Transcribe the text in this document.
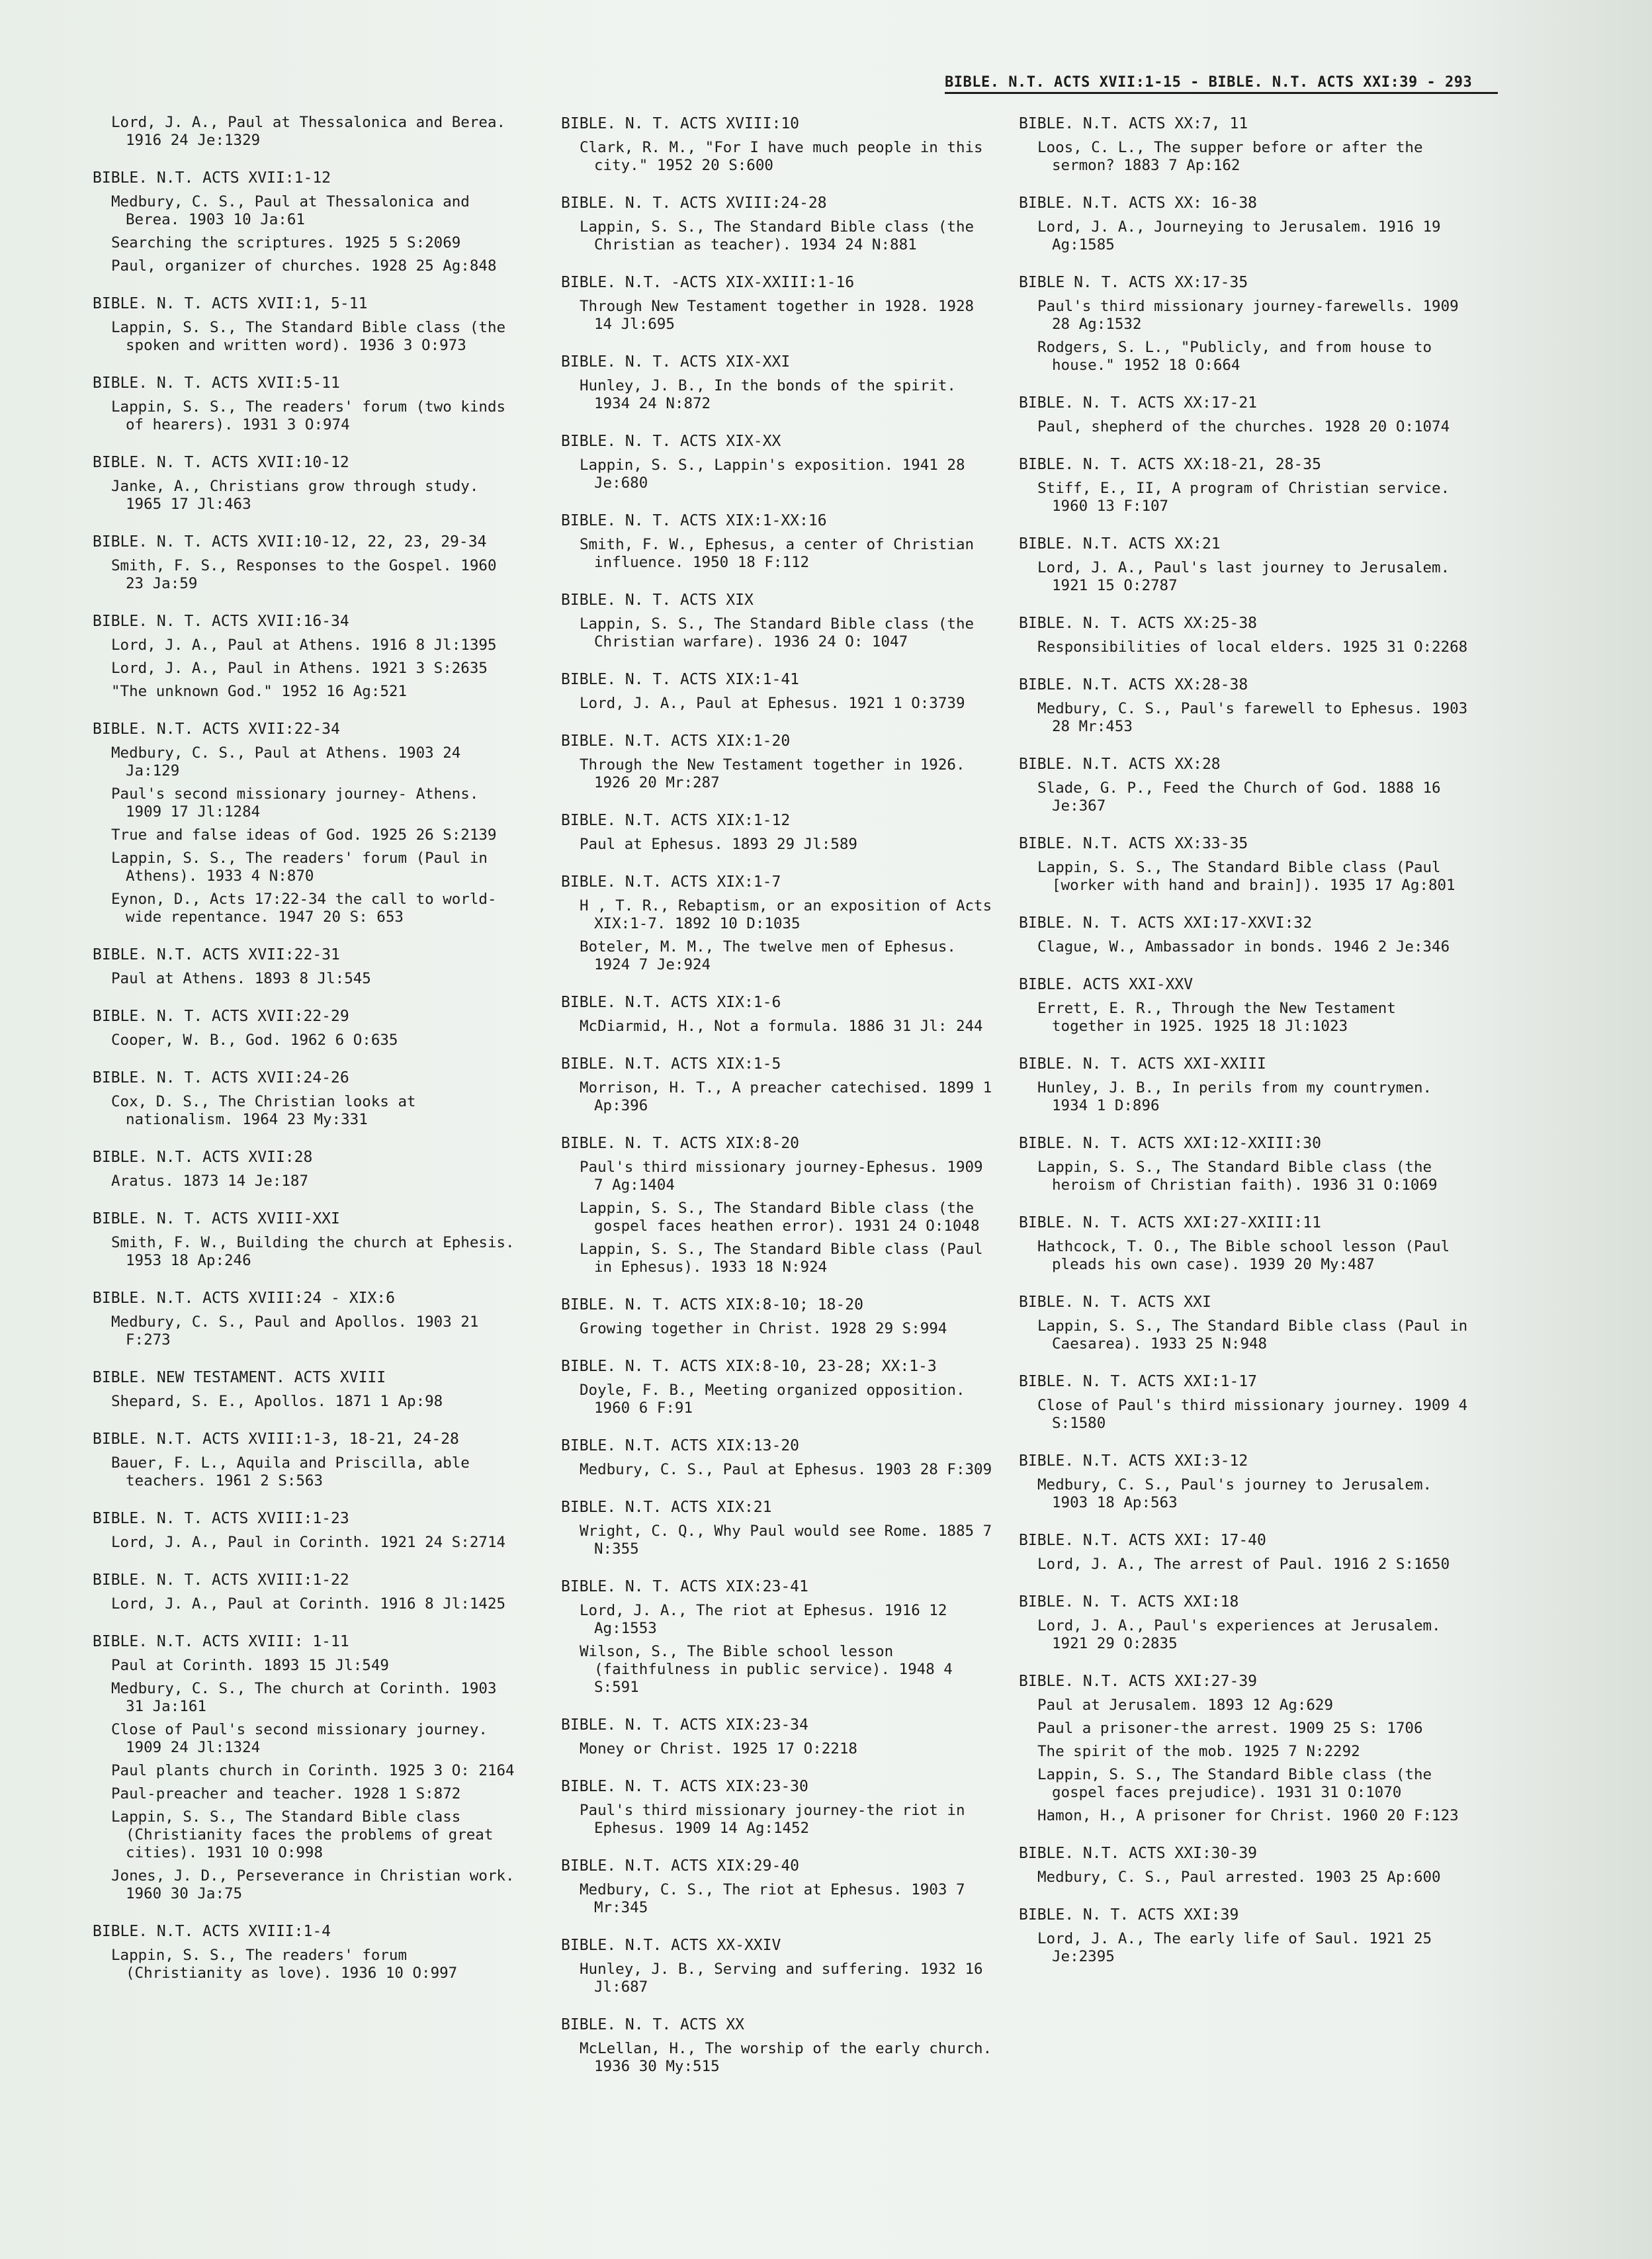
BIBLE. N.T. ACTS XVII:1-15 - BIBLE. N.T. ACTS XXI:39 - 293
Lord, J. A., Paul at Thessalonica and Berea. 1916 24 Je:1329
BIBLE. N.T. ACTS XVII:1-12
Medbury, C. S., Paul at Thessalonica and Berea. 1903 10 Ja:61
Searching the scriptures. 1925 5 S:2069
Paul, organizer of churches. 1928 25 Ag:848
BIBLE. N. T. ACTS XVII:1, 5-11
Lappin, S. S., The Standard Bible class (the spoken and written word). 1936 3 O:973
BIBLE. N. T. ACTS XVII:5-11
Lappin, S. S., The readers' forum (two kinds of hearers). 1931 3 O:974
BIBLE. N. T. ACTS XVII:10-12
Janke, A., Christians grow through study. 1965 17 Jl:463
BIBLE. N. T. ACTS XVII:10-12, 22, 23, 29-34
Smith, F. S., Responses to the Gospel. 1960 23 Ja:59
BIBLE. N. T. ACTS XVII:16-34
Lord, J. A., Paul at Athens. 1916 8 Jl:1395
Lord, J. A., Paul in Athens. 1921 3 S:2635
"The unknown God." 1952 16 Ag:521
BIBLE. N.T. ACTS XVII:22-34
Medbury, C. S., Paul at Athens. 1903 24 Ja:129
Paul's second missionary journey- Athens. 1909 17 Jl:1284
True and false ideas of God. 1925 26 S:2139
Lappin, S. S., The readers' forum (Paul in Athens). 1933 4 N:870
Eynon, D., Acts 17:22-34 the call to world-wide repentance. 1947 20 S: 653
BIBLE. N.T. ACTS XVII:22-31
Paul at Athens. 1893 8 Jl:545
BIBLE. N. T. ACTS XVII:22-29
Cooper, W. B., God. 1962 6 O:635
BIBLE. N. T. ACTS XVII:24-26
Cox, D. S., The Christian looks at nationalism. 1964 23 My:331
BIBLE. N.T. ACTS XVII:28
Aratus. 1873 14 Je:187
BIBLE. N. T. ACTS XVIII-XXI
Smith, F. W., Building the church at Ephesis. 1953 18 Ap:246
BIBLE. N.T. ACTS XVIII:24 - XIX:6
Medbury, C. S., Paul and Apollos. 1903 21 F:273
BIBLE. NEW TESTAMENT. ACTS XVIII
Shepard, S. E., Apollos. 1871 1 Ap:98
BIBLE. N.T. ACTS XVIII:1-3, 18-21, 24-28
Bauer, F. L., Aquila and Priscilla, able teachers. 1961 2 S:563
BIBLE. N. T. ACTS XVIII:1-23
Lord, J. A., Paul in Corinth. 1921 24 S:2714
BIBLE. N. T. ACTS XVIII:1-22
Lord, J. A., Paul at Corinth. 1916 8 Jl:1425
BIBLE. N.T. ACTS XVIII: 1-11
Paul at Corinth. 1893 15 Jl:549
Medbury, C. S., The church at Corinth. 1903 31 Ja:161
Close of Paul's second missionary journey. 1909 24 Jl:1324
Paul plants church in Corinth. 1925 3 O: 2164
Paul-preacher and teacher. 1928 1 S:872
Lappin, S. S., The Standard Bible class (Christianity faces the problems of great cities). 1931 10 O:998
Jones, J. D., Perseverance in Christian work. 1960 30 Ja:75
BIBLE. N.T. ACTS XVIII:1-4
Lappin, S. S., The readers' forum (Christianity as love). 1936 10 O:997
BIBLE. N. T. ACTS XVIII:10
Clark, R. M., "For I have much people in this city." 1952 20 S:600
BIBLE. N. T. ACTS XVIII:24-28
Lappin, S. S., The Standard Bible class (the Christian as teacher). 1934 24 N:881
BIBLE. N.T. -ACTS XIX-XXIII:1-16
Through New Testament together in 1928. 1928 14 Jl:695
BIBLE. N. T. ACTS XIX-XXI
Hunley, J. B., In the bonds of the spirit. 1934 24 N:872
BIBLE. N. T. ACTS XIX-XX
Lappin, S. S., Lappin's exposition. 1941 28 Je:680
BIBLE. N. T. ACTS XIX:1-XX:16
Smith, F. W., Ephesus, a center of Christian influence. 1950 18 F:112
BIBLE. N. T. ACTS XIX
Lappin, S. S., The Standard Bible class (the Christian warfare). 1936 24 O: 1047
BIBLE. N. T. ACTS XIX:1-41
Lord, J. A., Paul at Ephesus. 1921 1 O:3739
BIBLE. N.T. ACTS XIX:1-20
Through the New Testament together in 1926. 1926 20 Mr:287
BIBLE. N.T. ACTS XIX:1-12
Paul at Ephesus. 1893 29 Jl:589
BIBLE. N.T. ACTS XIX:1-7
H , T. R., Rebaptism, or an exposition of Acts XIX:1-7. 1892 10 D:1035
Boteler, M. M., The twelve men of Ephesus. 1924 7 Je:924
BIBLE. N.T. ACTS XIX:1-6
McDiarmid, H., Not a formula. 1886 31 Jl: 244
BIBLE. N.T. ACTS XIX:1-5
Morrison, H. T., A preacher catechised. 1899 1 Ap:396
BIBLE. N. T. ACTS XIX:8-20
Paul's third missionary journey-Ephesus. 1909 7 Ag:1404
Lappin, S. S., The Standard Bible class (the gospel faces heathen error). 1931 24 O:1048
Lappin, S. S., The Standard Bible class (Paul in Ephesus). 1933 18 N:924
BIBLE. N. T. ACTS XIX:8-10; 18-20
Growing together in Christ. 1928 29 S:994
BIBLE. N. T. ACTS XIX:8-10, 23-28; XX:1-3
Doyle, F. B., Meeting organized opposition. 1960 6 F:91
BIBLE. N.T. ACTS XIX:13-20
Medbury, C. S., Paul at Ephesus. 1903 28 F:309
BIBLE. N.T. ACTS XIX:21
Wright, C. Q., Why Paul would see Rome. 1885 7 N:355
BIBLE. N. T. ACTS XIX:23-41
Lord, J. A., The riot at Ephesus. 1916 12 Ag:1553
Wilson, S., The Bible school lesson (faithfulness in public service). 1948 4 S:591
BIBLE. N. T. ACTS XIX:23-34
Money or Christ. 1925 17 O:2218
BIBLE. N. T. ACTS XIX:23-30
Paul's third missionary journey-the riot in Ephesus. 1909 14 Ag:1452
BIBLE. N.T. ACTS XIX:29-40
Medbury, C. S., The riot at Ephesus. 1903 7 Mr:345
BIBLE. N.T. ACTS XX-XXIV
Hunley, J. B., Serving and suffering. 1932 16 Jl:687
BIBLE. N. T. ACTS XX
McLellan, H., The worship of the early church. 1936 30 My:515
BIBLE. N.T. ACTS XX:7, 11
Loos, C. L., The supper before or after the sermon? 1883 7 Ap:162
BIBLE. N.T. ACTS XX: 16-38
Lord, J. A., Journeying to Jerusalem. 1916 19 Ag:1585
BIBLE N. T. ACTS XX:17-35
Paul's third missionary journey-farewells. 1909 28 Ag:1532
Rodgers, S. L., "Publicly, and from house to house." 1952 18 O:664
BIBLE. N. T. ACTS XX:17-21
Paul, shepherd of the churches. 1928 20 O:1074
BIBLE. N. T. ACTS XX:18-21, 28-35
Stiff, E., II, A program of Christian service. 1960 13 F:107
BIBLE. N.T. ACTS XX:21
Lord, J. A., Paul's last journey to Jerusalem. 1921 15 O:2787
BIBLE. N. T. ACTS XX:25-38
Responsibilities of local elders. 1925 31 O:2268
BIBLE. N.T. ACTS XX:28-38
Medbury, C. S., Paul's farewell to Ephesus. 1903 28 Mr:453
BIBLE. N.T. ACTS XX:28
Slade, G. P., Feed the Church of God. 1888 16 Je:367
BIBLE. N.T. ACTS XX:33-35
Lappin, S. S., The Standard Bible class (Paul [worker with hand and brain]). 1935 17 Ag:801
BIBLE. N. T. ACTS XXI:17-XXVI:32
Clague, W., Ambassador in bonds. 1946 2 Je:346
BIBLE. ACTS XXI-XXV
Errett, E. R., Through the New Testament together in 1925. 1925 18 Jl:1023
BIBLE. N. T. ACTS XXI-XXIII
Hunley, J. B., In perils from my countrymen. 1934 1 D:896
BIBLE. N. T. ACTS XXI:12-XXIII:30
Lappin, S. S., The Standard Bible class (the heroism of Christian faith). 1936 31 O:1069
BIBLE. N. T. ACTS XXI:27-XXIII:11
Hathcock, T. O., The Bible school lesson (Paul pleads his own case). 1939 20 My:487
BIBLE. N. T. ACTS XXI
Lappin, S. S., The Standard Bible class (Paul in Caesarea). 1933 25 N:948
BIBLE. N. T. ACTS XXI:1-17
Close of Paul's third missionary journey. 1909 4 S:1580
BIBLE. N.T. ACTS XXI:3-12
Medbury, C. S., Paul's journey to Jerusalem. 1903 18 Ap:563
BIBLE. N.T. ACTS XXI: 17-40
Lord, J. A., The arrest of Paul. 1916 2 S:1650
BIBLE. N. T. ACTS XXI:18
Lord, J. A., Paul's experiences at Jerusalem. 1921 29 O:2835
BIBLE. N.T. ACTS XXI:27-39
Paul at Jerusalem. 1893 12 Ag:629
Paul a prisoner-the arrest. 1909 25 S: 1706
The spirit of the mob. 1925 7 N:2292
Lappin, S. S., The Standard Bible class (the gospel faces prejudice). 1931 31 O:1070
Hamon, H., A prisoner for Christ. 1960 20 F:123
BIBLE. N.T. ACTS XXI:30-39
Medbury, C. S., Paul arrested. 1903 25 Ap:600
BIBLE. N. T. ACTS XXI:39
Lord, J. A., The early life of Saul. 1921 25 Je:2395
